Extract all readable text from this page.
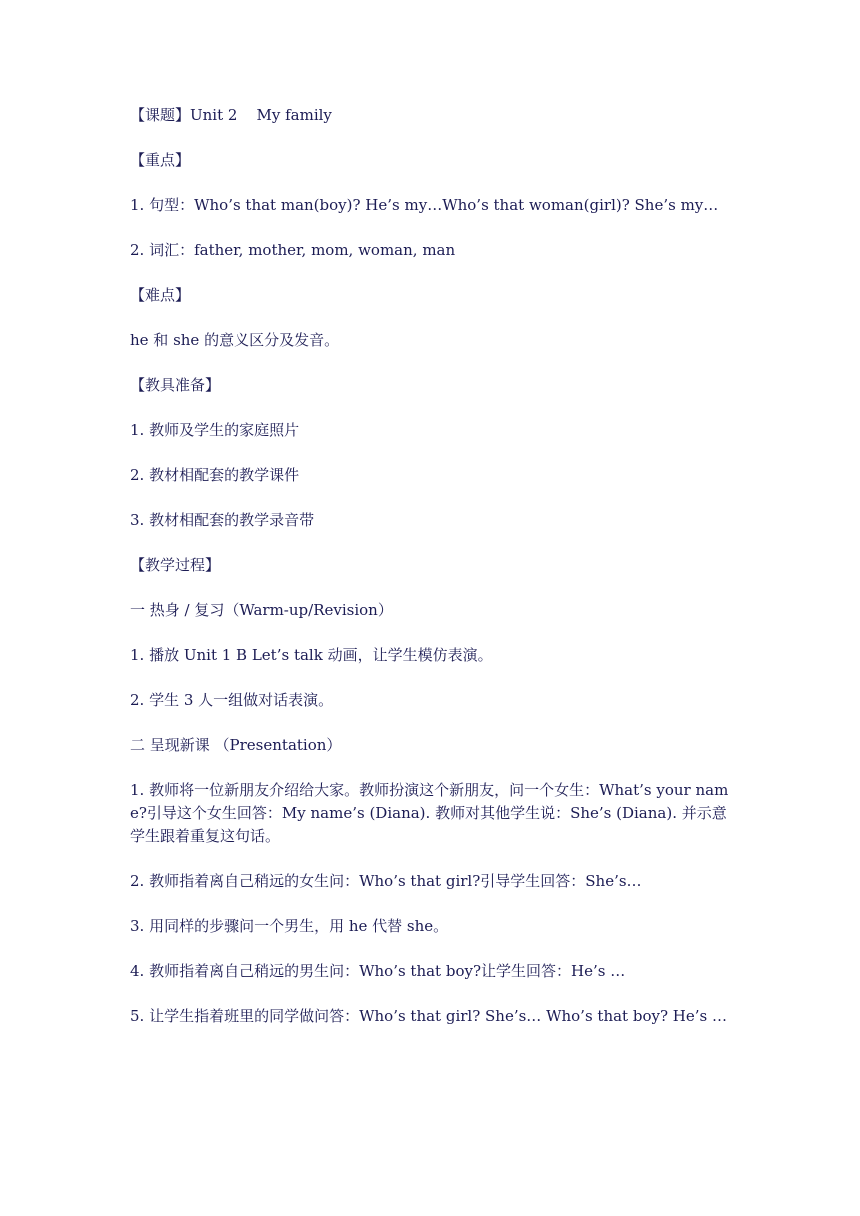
【课题】Unit 2    My family

【重点】

1. 句型：Who’s that man(boy)? He’s my…Who’s that woman(girl)? She’s my…

2. 词汇：father, mother, mom, woman, man

【难点】

he 和 she 的意义区分及发音。

【教具准备】

1. 教师及学生的家庭照片

2. 教材相配套的教学课件

3. 教材相配套的教学录音带

【教学过程】

一 热身 / 复习（Warm-up/Revision）

1. 播放 Unit 1 B Let’s talk 动画，让学生模仿表演。

2. 学生 3 人一组做对话表演。

二 呈现新课 （Presentation）

1. 教师将一位新朋友介绍给大家。教师扮演这个新朋友，问一个女生：What’s your name?引导这个女生回答：My name’s (Diana). 教师对其他学生说：She’s (Diana). 并示意学生跟着重复这句话。

2. 教师指着离自己稍远的女生问：Who’s that girl?引导学生回答：She’s…

3. 用同样的步骤问一个男生，用 he 代替 she。

4. 教师指着离自己稍远的男生问：Who’s that boy?让学生回答：He’s …

5. 让学生指着班里的同学做问答：Who’s that girl? She’s… Who’s that boy? He’s …
